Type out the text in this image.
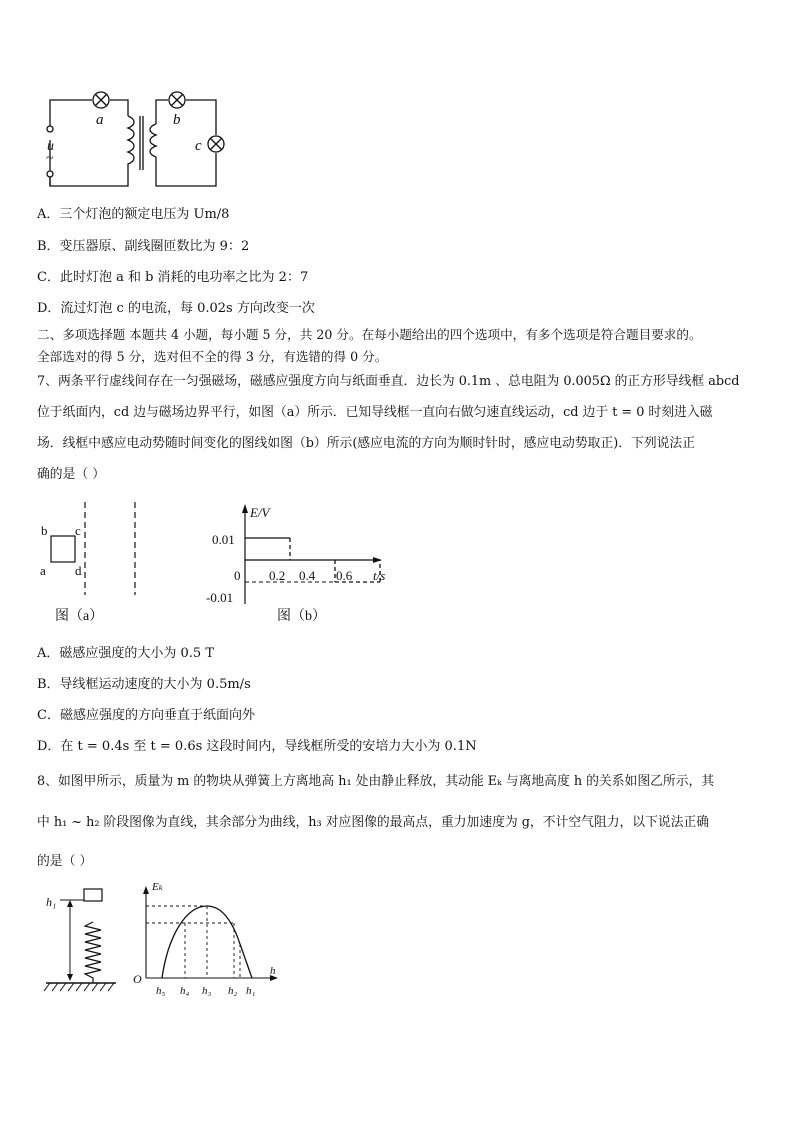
a	b
c
u
~
A．三个灯泡的额定电压为 Um/8
B．变压器原、副线圈匝数比为 9：2
C．此时灯泡 a 和 b 消耗的电功率之比为 2：7
D．流过灯泡 c 的电流，每 0.02s 方向改变一次
二、多项选择题 本题共 4 小题，每小题 5 分，共 20 分。在每小题给出的四个选项中，有多个选项是符合题目要求的。
全部选对的得 5 分，选对但不全的得 3 分，有选错的得 0 分。
7、两条平行虚线间存在一匀强磁场，磁感应强度方向与纸面垂直．边长为 0.1m 、总电阻为 0.005Ω 的正方形导线框 abcd
位于纸面内，cd 边与磁场边界平行，如图（a）所示．已知导线框一直向右做匀速直线运动，cd 边于 t = 0 时刻进入磁
场．线框中感应电动势随时间变化的图线如图（b）所示(感应电流的方向为顺时针时，感应电动势取正)．下列说法正
确的是（ ）
b c
a d
图（a）
E/V
0.01
-0.01
0 0.2 0.4 0.6 t/s
图（b）
A．磁感应强度的大小为 0.5 T
B．导线框运动速度的大小为 0.5m/s
C．磁感应强度的方向垂直于纸面向外
D．在 t = 0.4s 至 t = 0.6s 这段时间内，导线框所受的安培力大小为 0.1N
8、如图甲所示，质量为 m 的物块从弹簧上方离地高 h₁ 处由静止释放，其动能 Eₖ 与离地高度 h 的关系如图乙所示，其
中 h₁ ~ h₂ 阶段图像为直线，其余部分为曲线，h₃ 对应图像的最高点，重力加速度为 g，不计空气阻力，以下说法正确
的是（ ）
h₁
Eₖ
O
h
h₅ h₄ h₃ h₂ h₁
